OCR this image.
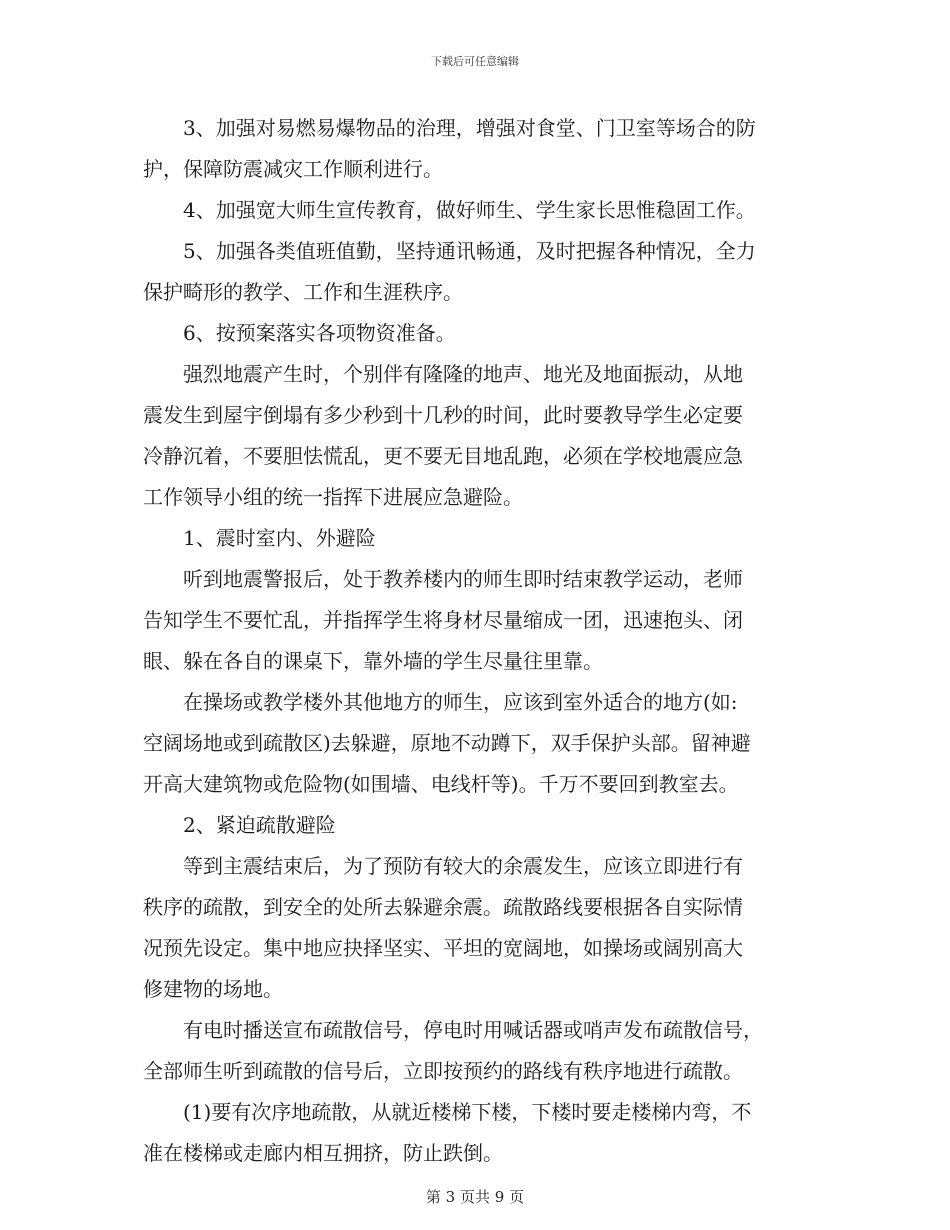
下载后可任意编辑

3、加强对易燃易爆物品的治理，增强对食堂、门卫室等场合的防

护，保障防震减灾工作顺利进行。

4、加强宽大师生宣传教育，做好师生、学生家长思惟稳固工作。

5、加强各类值班值勤，坚持通讯畅通，及时把握各种情况，全力

保护畸形的教学、工作和生涯秩序。

6、按预案落实各项物资准备。

强烈地震产生时，个别伴有隆隆的地声、地光及地面振动，从地

震发生到屋宇倒塌有多少秒到十几秒的时间，此时要教导学生必定要

冷静沉着，不要胆怯慌乱，更不要无目地乱跑，必须在学校地震应急

工作领导小组的统一指挥下进展应急避险。

1、震时室内、外避险

听到地震警报后，处于教养楼内的师生即时结束教学运动，老师

告知学生不要忙乱，并指挥学生将身材尽量缩成一团，迅速抱头、闭

眼、躲在各自的课桌下，靠外墙的学生尽量往里靠。

在操场或教学楼外其他地方的师生，应该到室外适合的地方(如:

空阔场地或到疏散区)去躲避，原地不动蹲下，双手保护头部。留神避

开高大建筑物或危险物(如围墙、电线杆等)。千万不要回到教室去。

2、紧迫疏散避险

等到主震结束后，为了预防有较大的余震发生，应该立即进行有

秩序的疏散，到安全的处所去躲避余震。疏散路线要根据各自实际情

况预先设定。集中地应抉择坚实、平坦的宽阔地，如操场或阔别高大

修建物的场地。

有电时播送宣布疏散信号，停电时用喊话器或哨声发布疏散信号，

全部师生听到疏散的信号后，立即按预约的路线有秩序地进行疏散。

(1)要有次序地疏散，从就近楼梯下楼，下楼时要走楼梯内弯，不

准在楼梯或走廊内相互拥挤，防止跌倒。

第 3 页共 9 页
